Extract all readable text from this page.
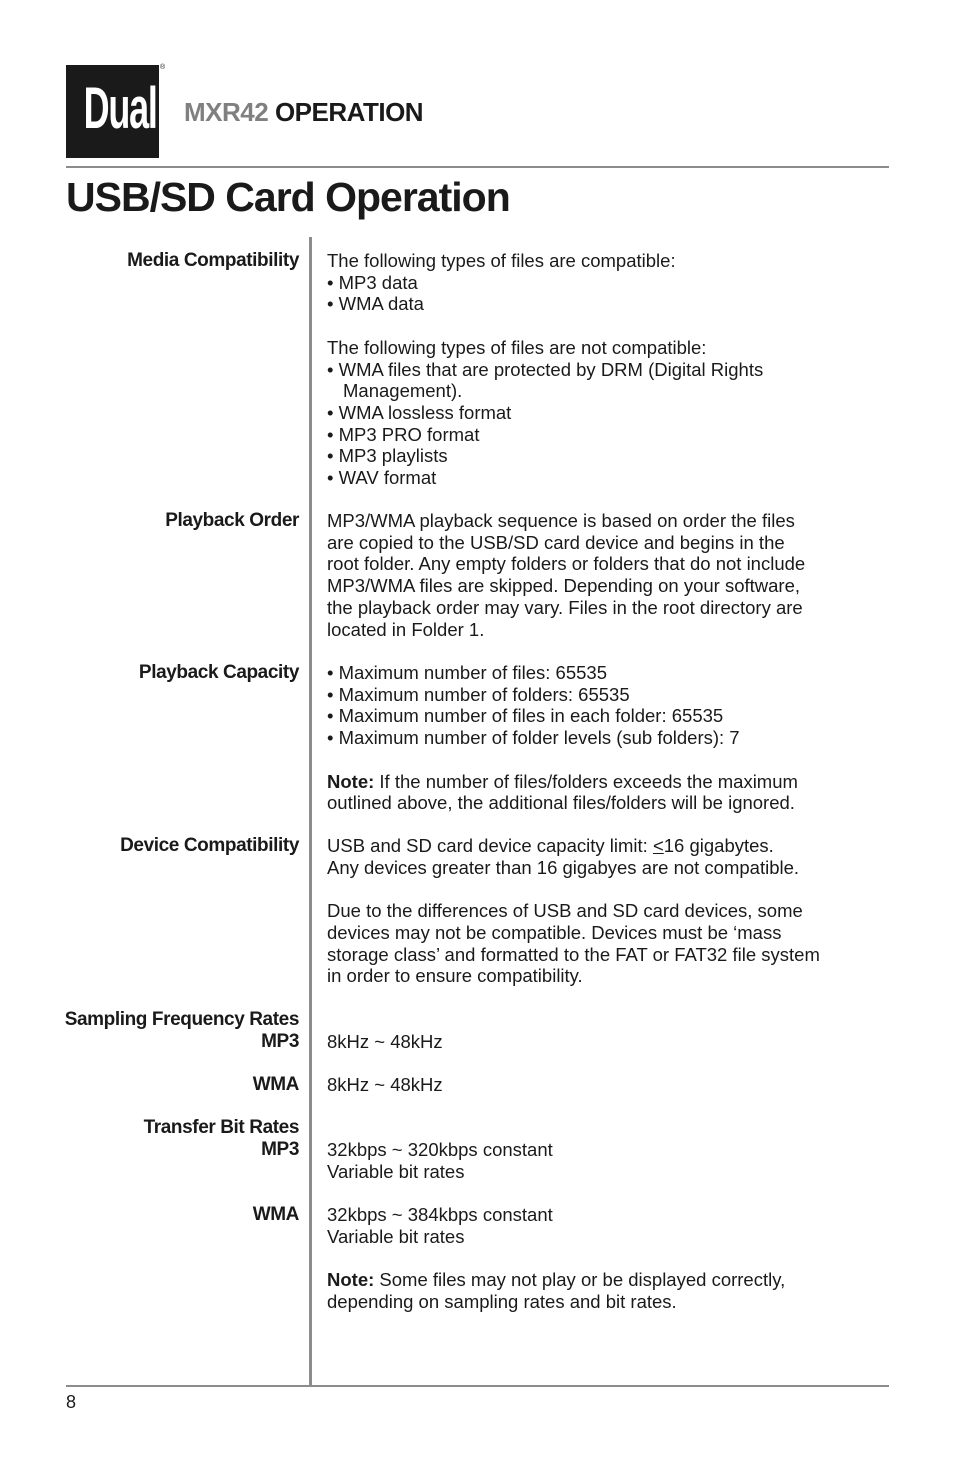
Dual
®
MXR42 OPERATION
USB/SD Card Operation
Media Compatibility The following types of files are compatible:
• MP3 data
• WMA data
The following types of files are not compatible:
• WMA files that are protected by DRM (Digital Rights
Management).
• WMA lossless format
• MP3 PRO format
• MP3 playlists
• WAV format
Playback Order MP3/WMA playback sequence is based on order the files
are copied to the USB/SD card device and begins in the
root folder. Any empty folders or folders that do not include
MP3/WMA files are skipped. Depending on your software,
the playback order may vary. Files in the root directory are
located in Folder 1.
Playback Capacity • Maximum number of files: 65535
• Maximum number of folders: 65535
• Maximum number of files in each folder: 65535
• Maximum number of folder levels (sub folders): 7
Note: If the number of files/folders exceeds the maximum
outlined above, the additional files/folders will be ignored.
Device Compatibility USB and SD card device capacity limit: <16 gigabytes.
Any devices greater than 16 gigabyes are not compatible.
Due to the differences of USB and SD card devices, some
devices may not be compatible. Devices must be ‘mass
storage class’ and formatted to the FAT or FAT32 file system
in order to ensure compatibility.
Sampling Frequency Rates
MP3 8kHz ~ 48kHz
WMA 8kHz ~ 48kHz
Transfer Bit Rates
MP3 32kbps ~ 320kbps constant
Variable bit rates
WMA 32kbps ~ 384kbps constant
Variable bit rates
Note: Some files may not play or be displayed correctly,
depending on sampling rates and bit rates.
8
